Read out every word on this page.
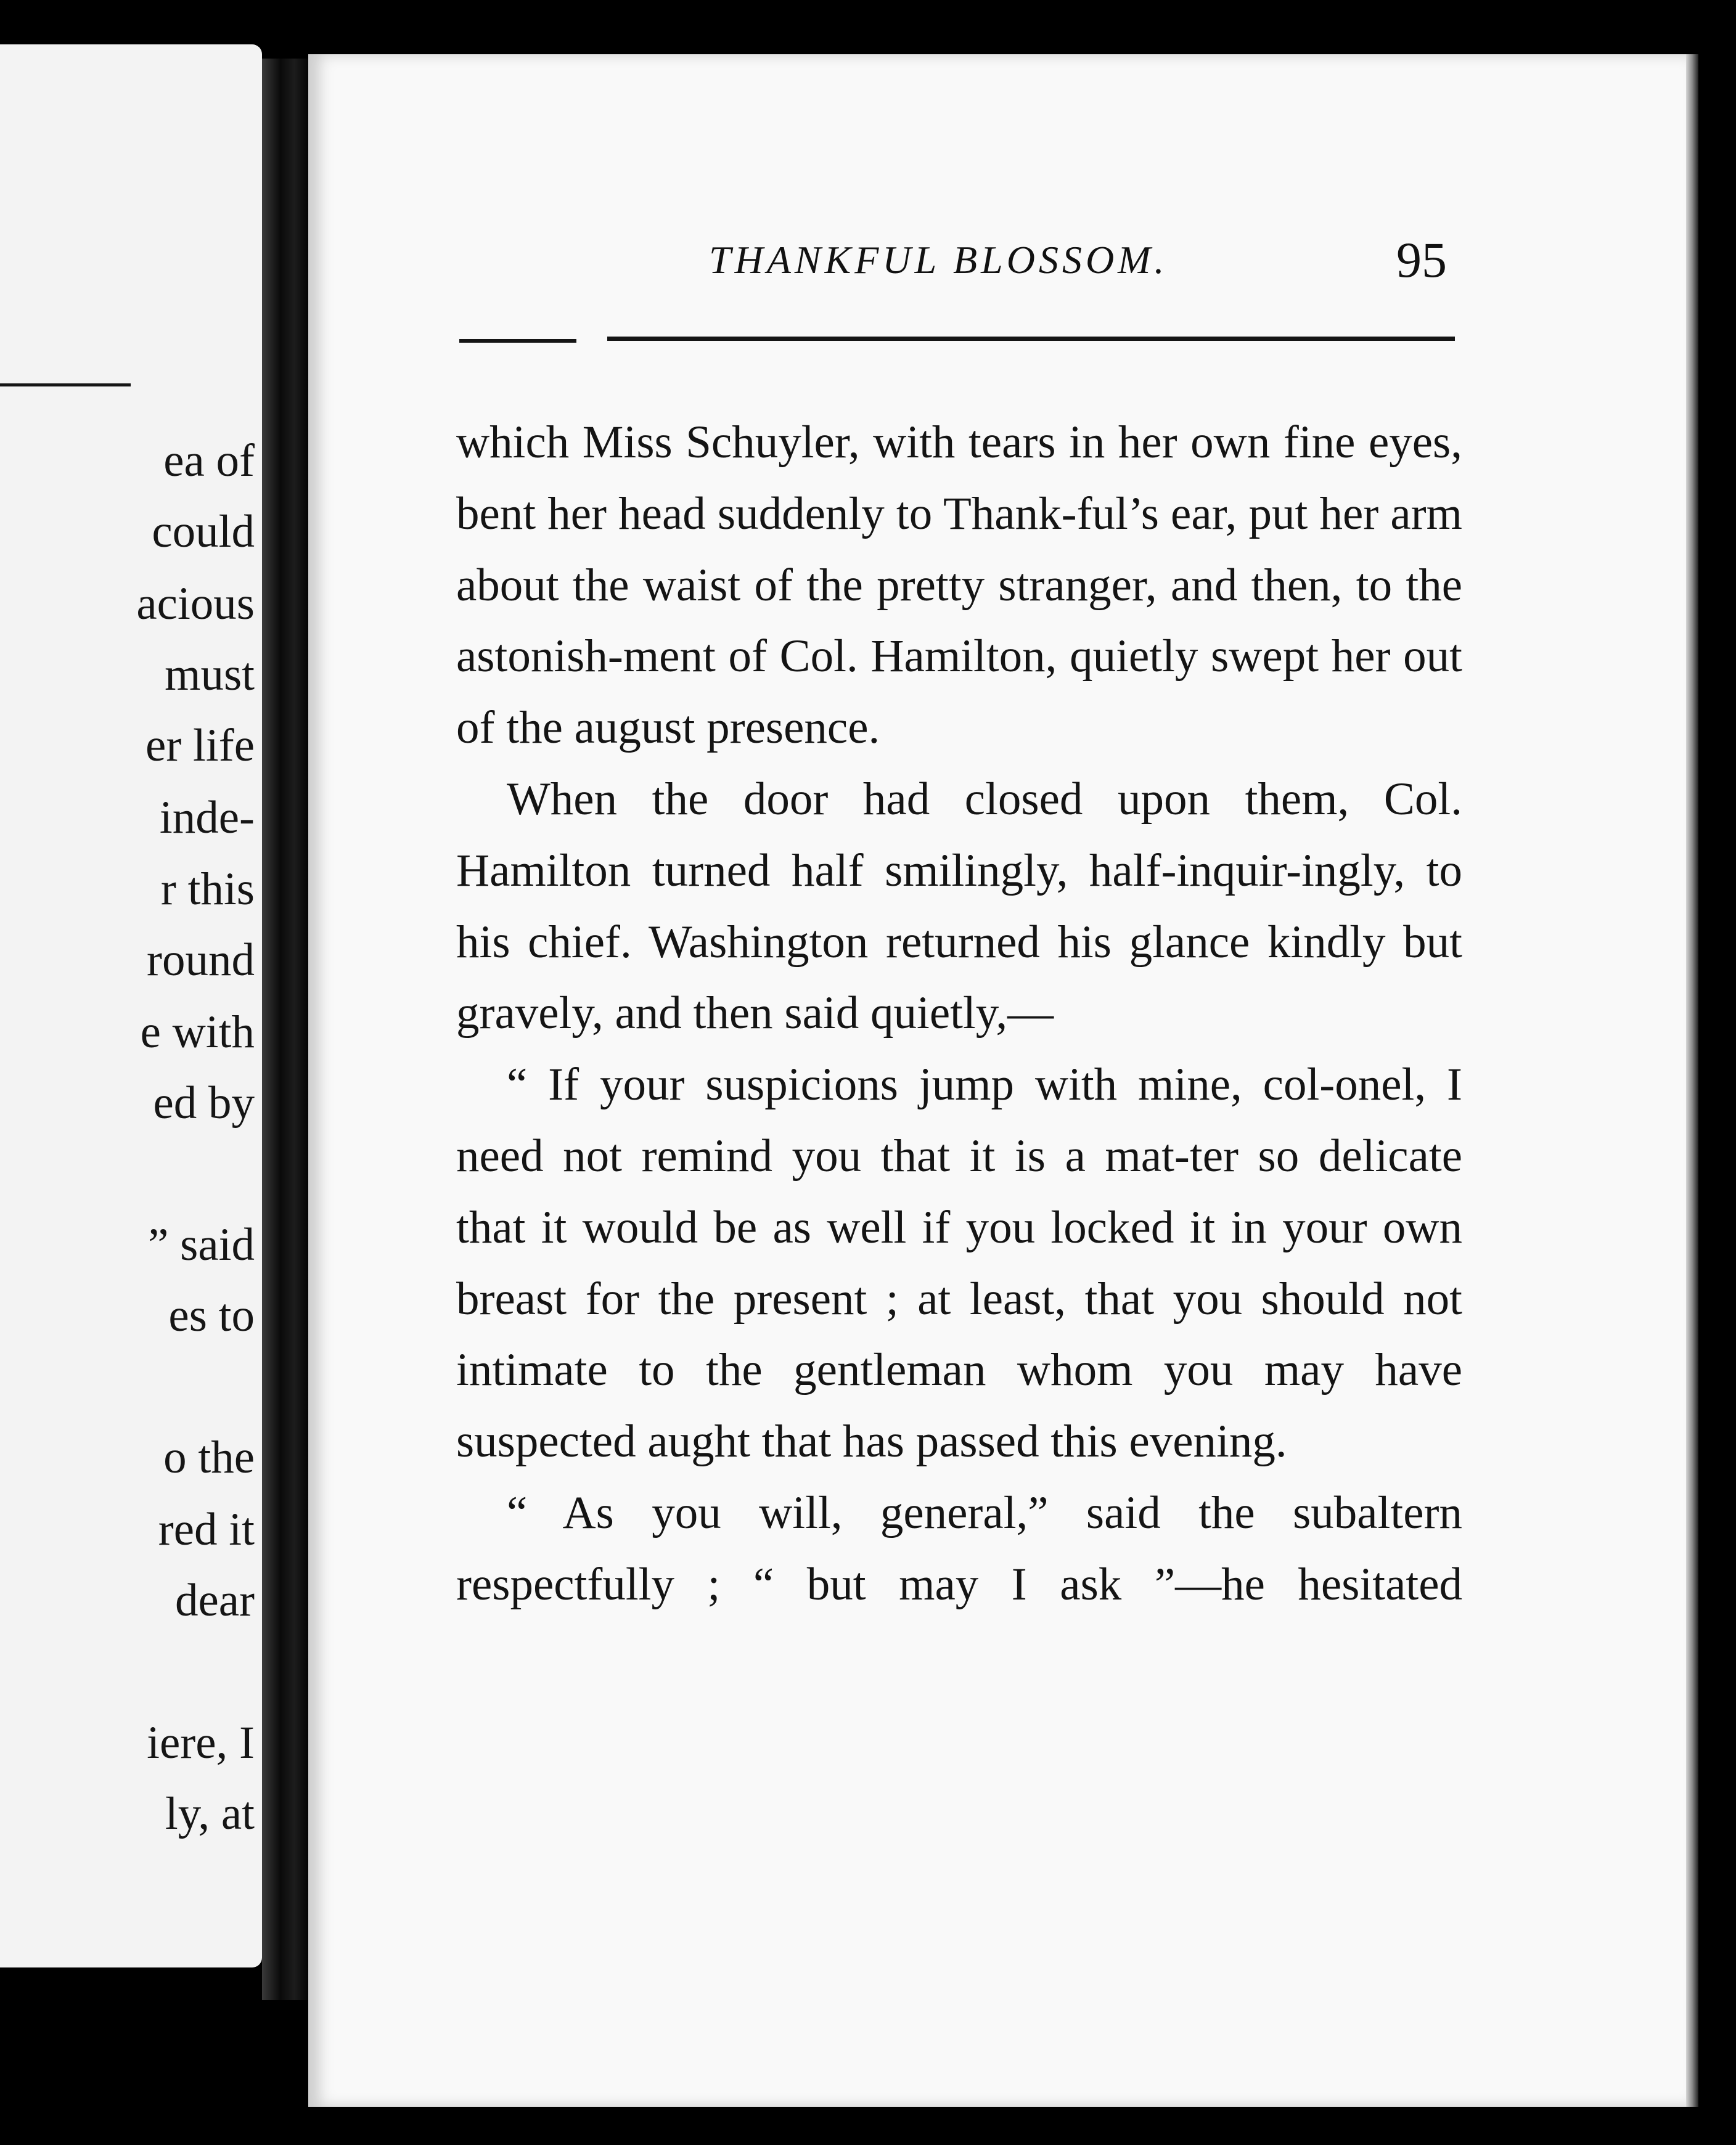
ea of
could
acious
must
er life
inde-
r this
round
e with
ed by
” said
es to
o the
red it
dear
iere, I
ly, at
THANKFUL BLOSSOM.	95

which Miss Schuyler, with tears in her own fine eyes, bent her head suddenly to Thank-ful’s ear, put her arm about the waist of the pretty stranger, and then, to the astonish-ment of Col. Hamilton, quietly swept her out of the august presence.

When the door had closed upon them, Col. Hamilton turned half smilingly, half-inquir-ingly, to his chief. Washington returned his glance kindly but gravely, and then said quietly,—

“ If your suspicions jump with mine, col-onel, I need not remind you that it is a mat-ter so delicate that it would be as well if you locked it in your own breast for the present ; at least, that you should not intimate to the gentleman whom you may have suspected aught that has passed this evening.

“ As you will, general,” said the subaltern respectfully ; “ but may I ask ”—he hesitated
